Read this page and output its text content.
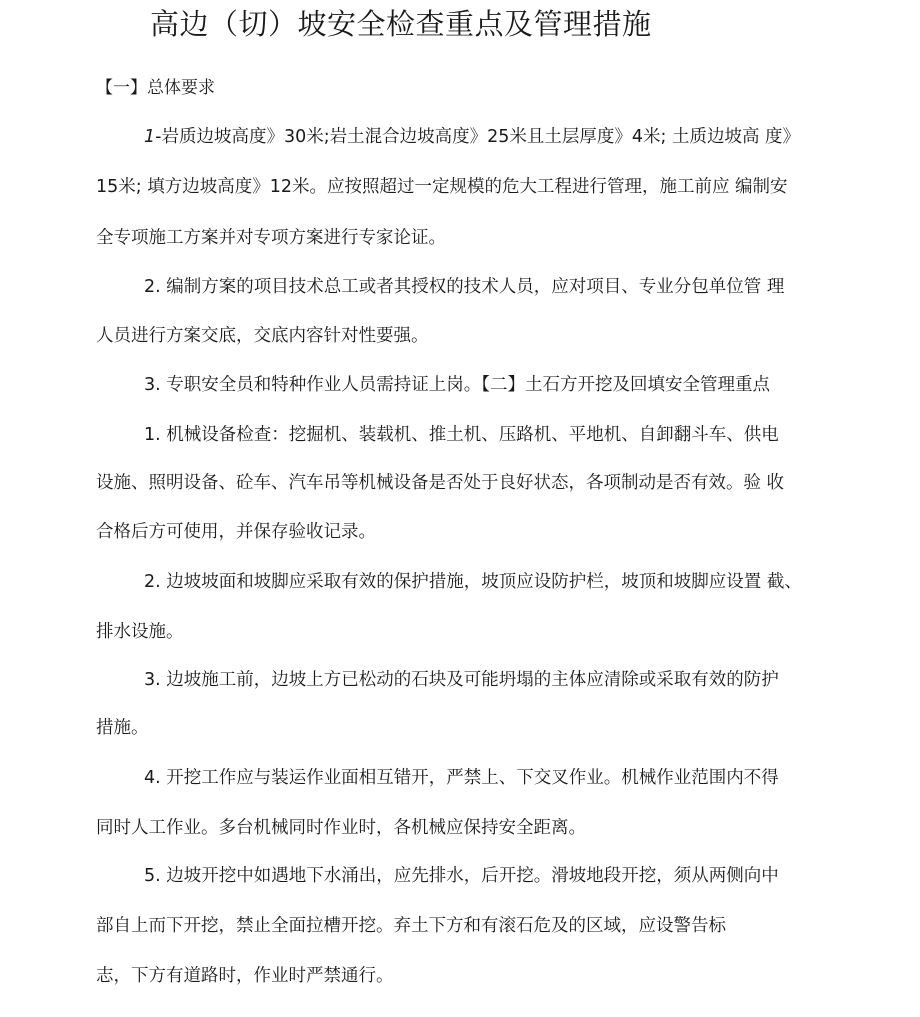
高边（切）坡安全检查重点及管理措施
【一】总体要求
1-岩质边坡高度》30米;岩土混合边坡高度》25米且土层厚度》4米; 土质边坡高 度》
15米; 填方边坡高度》12米。应按照超过一定规模的危大工程进行管理，施工前应 编制安
全专项施工方案并对专项方案进行专家论证。
2. 编制方案的项目技术总工或者其授权的技术人员，应对项目、专业分包单位管 理
人员进行方案交底，交底内容针对性要强。
3. 专职安全员和特种作业人员需持证上岗。【二】土石方开挖及回填安全管理重点
1. 机械设备检查：挖掘机、装载机、推土机、压路机、平地机、自卸翻斗车、供电
设施、照明设备、砼车、汽车吊等机械设备是否处于良好状态，各项制动是否有效。验 收
合格后方可使用，并保存验收记录。
2. 边坡坡面和坡脚应采取有效的保护措施，坡顶应设防护栏，坡顶和坡脚应设置 截、
排水设施。
3. 边坡施工前，边坡上方已松动的石块及可能坍塌的主体应清除或采取有效的防护
措施。
4. 开挖工作应与装运作业面相互错开，严禁上、下交叉作业。机械作业范围内不得
同时人工作业。多台机械同时作业时，各机械应保持安全距离。
5. 边坡开挖中如遇地下水涌出，应先排水，后开挖。滑坡地段开挖，须从两侧向中
部自上而下开挖，禁止全面拉槽开挖。弃土下方和有滚石危及的区域，应设警告标
志，下方有道路时，作业时严禁通行。
